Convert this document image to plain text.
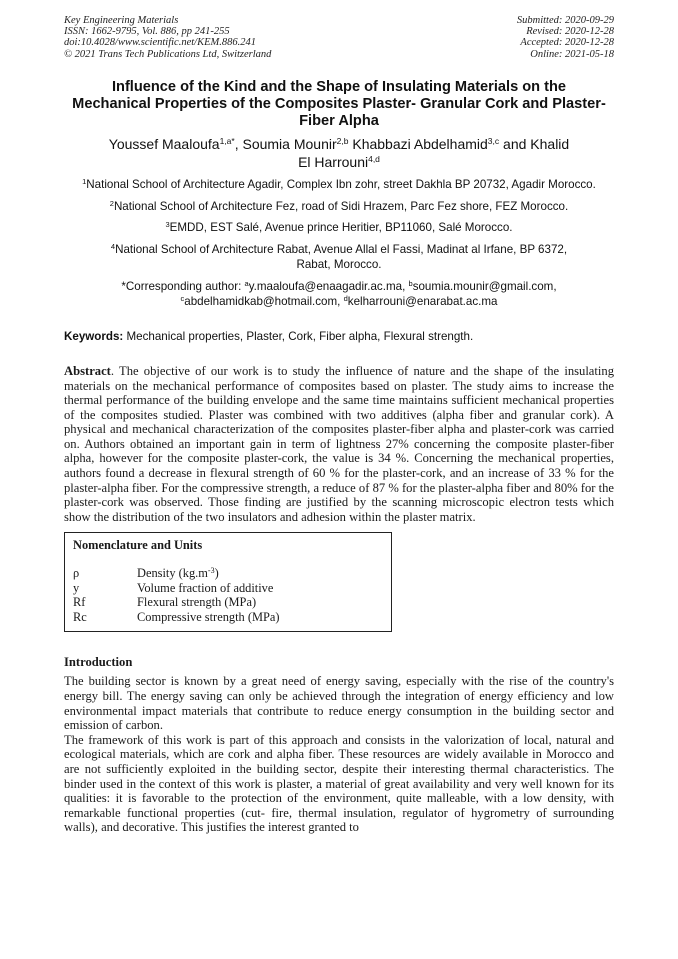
Key Engineering Materials
ISSN: 1662-9795, Vol. 886, pp 241-255
doi:10.4028/www.scientific.net/KEM.886.241
© 2021 Trans Tech Publications Ltd, Switzerland
Submitted: 2020-09-29
Revised: 2020-12-28
Accepted: 2020-12-28
Online: 2021-05-18
Influence of the Kind and the Shape of Insulating Materials on the Mechanical Properties of the Composites Plaster- Granular Cork and Plaster- Fiber Alpha
Youssef Maaloufa$^{1,a*}$, Soumia Mounir$^{2,b}$ Khabbazi Abdelhamid$^{3,c}$ and Khalid El Harrouni$^{4,d}$
$^1$National School of Architecture Agadir, Complex Ibn zohr, street Dakhla BP 20732, Agadir Morocco.
$^2$National School of Architecture Fez, road of Sidi Hrazem, Parc Fez shore, FEZ Morocco.
$^3$EMDD, EST Salé, Avenue prince Heritier, BP11060, Salé Morocco.
$^4$National School of Architecture Rabat, Avenue Allal el Fassi, Madinat al Irfane, BP 6372, Rabat, Morocco.
*Corresponding author: $^a$y.maaloufa@enaagadir.ac.ma, $^b$soumia.mounir@gmail.com,
$^c$abdelhamidkab@hotmail.com, $^d$kelharrouni@enarabat.ac.ma
Keywords: Mechanical properties, Plaster, Cork, Fiber alpha, Flexural strength.
Abstract. The objective of our work is to study the influence of nature and the shape of the insulating materials on the mechanical performance of composites based on plaster. The study aims to increase the thermal performance of the building envelope and the same time maintains sufficient mechanical properties of the composites studied. Plaster was combined with two additives (alpha fiber and granular cork). A physical and mechanical characterization of the composites plaster-fiber alpha and plaster-cork was carried on. Authors obtained an important gain in term of lightness 27% concerning the composite plaster-fiber alpha, however for the composite plaster-cork, the value is 34 %. Concerning the mechanical properties, authors found a decrease in flexural strength of 60 % for the plaster-cork, and an increase of 33 % for the plaster-alpha fiber. For the compressive strength, a reduce of 87 % for the plaster-alpha fiber and 80% for the plaster-cork was observed. Those finding are justified by the scanning microscopic electron tests which show the distribution of the two insulators and adhesion within the plaster matrix.
Nomenclature and Units
ρ	Density $(kg.m^{-3})$
y	Volume fraction of additive
Rf	Flexural strength (MPa)
Rc	Compressive strength (MPa)
Introduction
The building sector is known by a great need of energy saving, especially with the rise of the country's energy bill. The energy saving can only be achieved through the integration of energy efficiency and low environmental impact materials that contribute to reduce energy consumption in the building sector and emission of carbon.
The framework of this work is part of this approach and consists in the valorization of local, natural and ecological materials, which are cork and alpha fiber. These resources are widely available in Morocco and are not sufficiently exploited in the building sector, despite their interesting thermal characteristics. The binder used in the context of this work is plaster, a material of great availability and very well known for its qualities: it is favorable to the protection of the environment, quite malleable, with a low density, with remarkable functional properties (cut- fire, thermal insulation, regulator of hygrometry of surrounding walls), and decorative. This justifies the interest granted to
